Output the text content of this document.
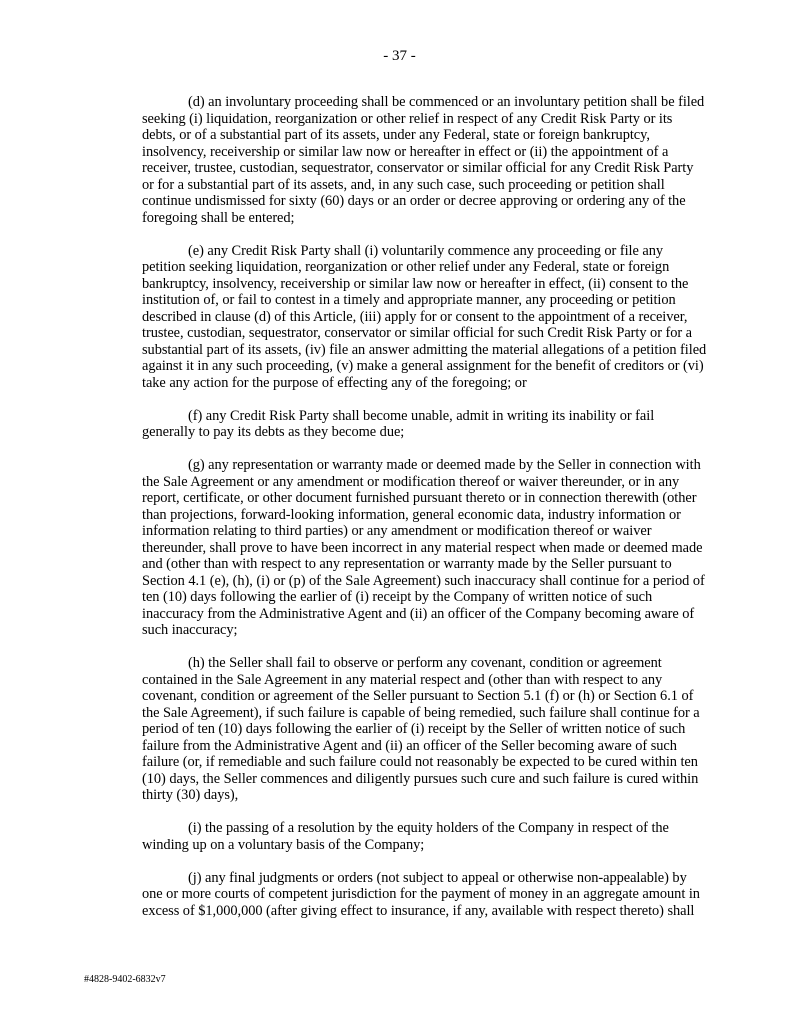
- 37 -

(d) an involuntary proceeding shall be commenced or an involuntary petition shall be filed seeking (i) liquidation, reorganization or other relief in respect of any Credit Risk Party or its debts, or of a substantial part of its assets, under any Federal, state or foreign bankruptcy, insolvency, receivership or similar law now or hereafter in effect or (ii) the appointment of a receiver, trustee, custodian, sequestrator, conservator or similar official for any Credit Risk Party or for a substantial part of its assets, and, in any such case, such proceeding or petition shall continue undismissed for sixty (60) days or an order or decree approving or ordering any of the foregoing shall be entered;

(e) any Credit Risk Party shall (i) voluntarily commence any proceeding or file any petition seeking liquidation, reorganization or other relief under any Federal, state or foreign bankruptcy, insolvency, receivership or similar law now or hereafter in effect, (ii) consent to the institution of, or fail to contest in a timely and appropriate manner, any proceeding or petition described in clause (d) of this Article, (iii) apply for or consent to the appointment of a receiver, trustee, custodian, sequestrator, conservator or similar official for such Credit Risk Party or for a substantial part of its assets, (iv) file an answer admitting the material allegations of a petition filed against it in any such proceeding, (v) make a general assignment for the benefit of creditors or (vi) take any action for the purpose of effecting any of the foregoing; or

(f) any Credit Risk Party shall become unable, admit in writing its inability or fail generally to pay its debts as they become due;

(g) any representation or warranty made or deemed made by the Seller in connection with the Sale Agreement or any amendment or modification thereof or waiver thereunder, or in any report, certificate, or other document furnished pursuant thereto or in connection therewith (other than projections, forward-looking information, general economic data, industry information or information relating to third parties) or any amendment or modification thereof or waiver thereunder, shall prove to have been incorrect in any material respect when made or deemed made and (other than with respect to any representation or warranty made by the Seller pursuant to Section 4.1 (e), (h), (i) or (p) of the Sale Agreement) such inaccuracy shall continue for a period of ten (10) days following the earlier of (i) receipt by the Company of written notice of such inaccuracy from the Administrative Agent and (ii) an officer of the Company becoming aware of such inaccuracy;

(h) the Seller shall fail to observe or perform any covenant, condition or agreement contained in the Sale Agreement in any material respect and (other than with respect to any covenant, condition or agreement of the Seller pursuant to Section 5.1 (f) or (h) or Section 6.1 of the Sale Agreement), if such failure is capable of being remedied, such failure shall continue for a period of ten (10) days following the earlier of (i) receipt by the Seller of written notice of such failure from the Administrative Agent and (ii) an officer of the Seller becoming aware of such failure (or, if remediable and such failure could not reasonably be expected to be cured within ten (10) days, the Seller commences and diligently pursues such cure and such failure is cured within thirty (30) days),

(i) the passing of a resolution by the equity holders of the Company in respect of the winding up on a voluntary basis of the Company;

(j) any final judgments or orders (not subject to appeal or otherwise non-appealable) by one or more courts of competent jurisdiction for the payment of money in an aggregate amount in excess of $1,000,000 (after giving effect to insurance, if any, available with respect thereto) shall

#4828-9402-6832v7
